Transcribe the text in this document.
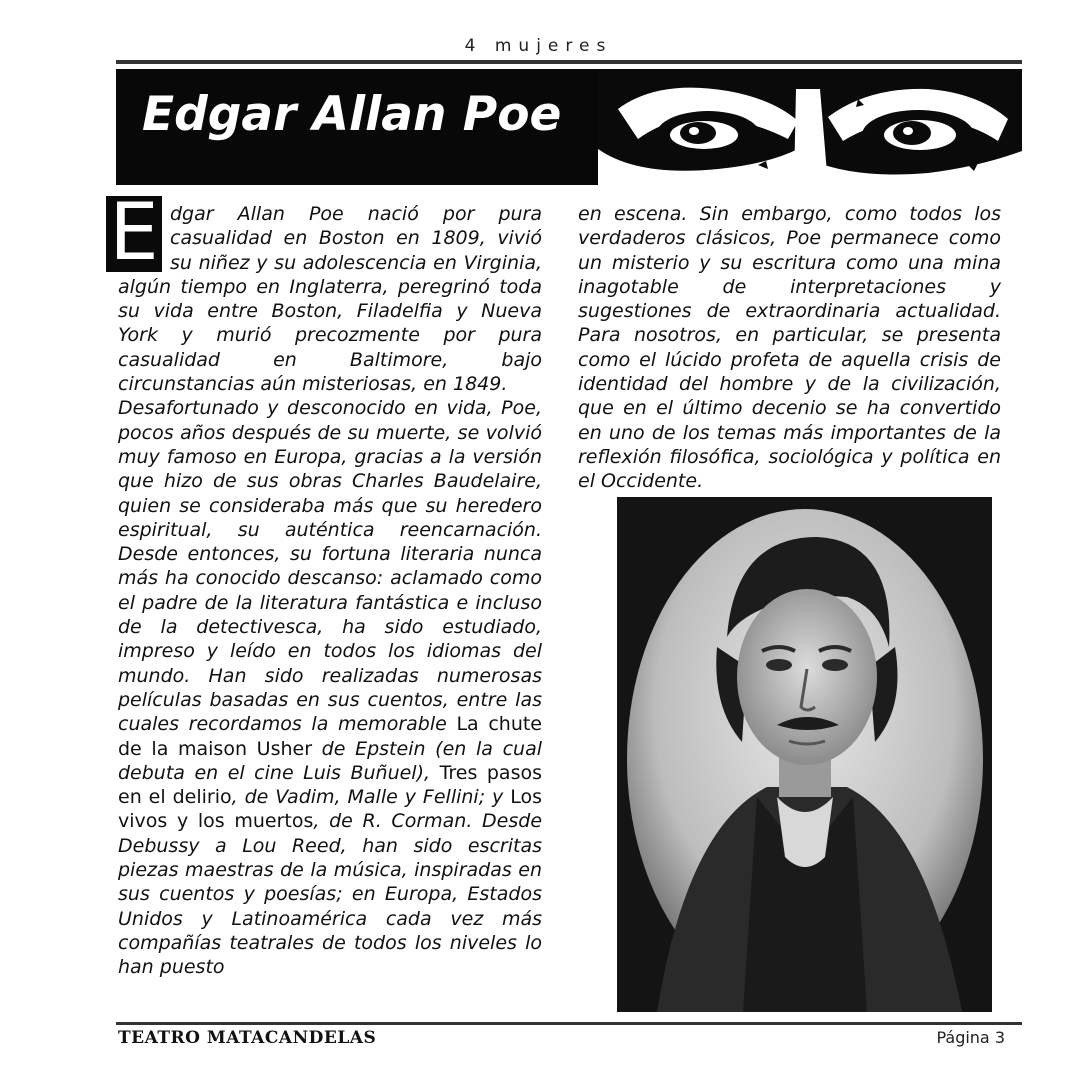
4 mujeres
Edgar Allan Poe
E dgar Allan Poe nació por pura casualidad en Boston en 1809, vivió su niñez y su adolescencia en Virginia, algún tiempo en Inglaterra, peregrinó toda su vida entre Boston, Filadelfia y Nueva York y murió precozmente por pura casualidad en Baltimore, bajo circunstancias aún misteriosas, en 1849.

Desafortunado y desconocido en vida, Poe, pocos años después de su muerte, se volvió muy famoso en Europa, gracias a la versión que hizo de sus obras Charles Baudelaire, quien se consideraba más que su heredero espiritual, su auténtica reencarnación. Desde entonces, su fortuna literaria nunca más ha conocido descanso: aclamado como el padre de la literatura fantástica e incluso de la detectivesca, ha sido estudiado, impreso y leído en todos los idiomas del mundo. Han sido realizadas numerosas películas basadas en sus cuentos, entre las cuales recordamos la memorable La chute de la maison Usher de Epstein (en la cual debuta en el cine Luis Buñuel), Tres pasos en el delirio, de Vadim, Malle y Fellini; y Los vivos y los muertos, de R. Corman. Desde Debussy a Lou Reed, han sido escritas piezas maestras de la música, inspiradas en sus cuentos y poesías; en Europa, Estados Unidos y Latinoamérica cada vez más compañías teatrales de todos los niveles lo han puesto

en escena. Sin embargo, como todos los verdaderos clásicos, Poe permanece como un misterio y su escritura como una mina inagotable de interpretaciones y sugestiones de extraordinaria actualidad. Para nosotros, en particular, se presenta como el lúcido profeta de aquella crisis de identidad del hombre y de la civilización, que en el último decenio se ha convertido en uno de los temas más importantes de la reflexión filosófica, sociológica y política en el Occidente.

TEATRO MATACANDELAS	Página 3
